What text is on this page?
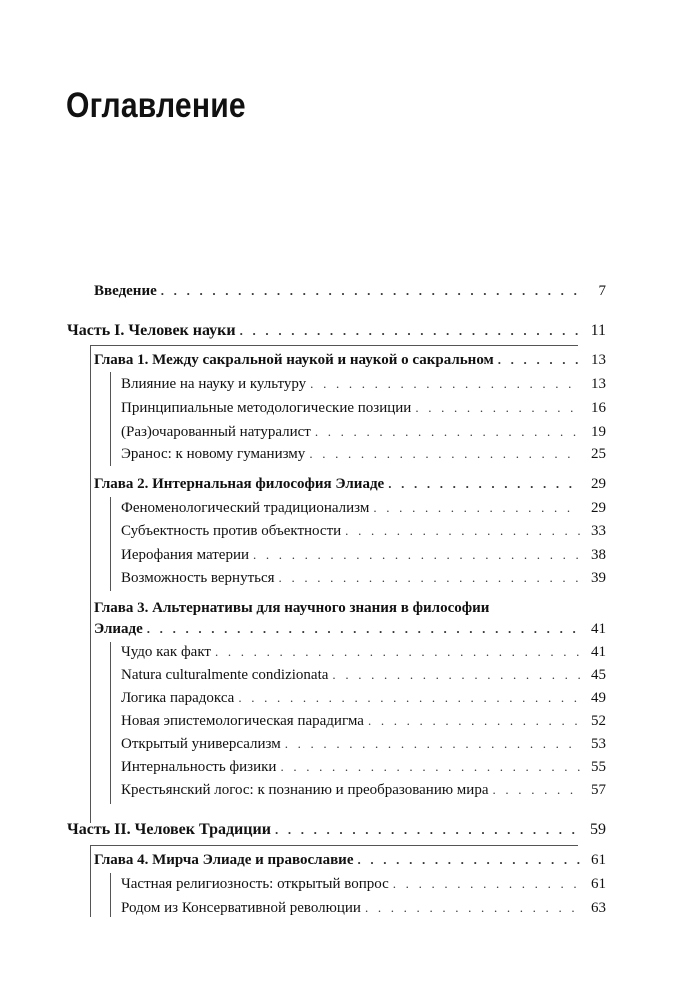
Оглавление
Введение . . .	7
Часть I. Человек науки . . .	11
Глава 1. Между сакральной наукой и наукой о сакральном . . .	13
Влияние на науку и культуру . . .	13
Принципиальные методологические позиции . . .	16
(Раз)очарованный натуралист . . .	19
Эранос: к новому гуманизму . . .	25
Глава 2. Интернальная философия Элиаде . . .	29
Феноменологический традиционализм . . .	29
Субъектность против объектности . . .	33
Иерофания материи . . .	38
Возможность вернуться . . .	39
Глава 3. Альтернативы для научного знания в философии
Элиаде . . .	41
Чудо как факт . . .	41
Natura culturalmente condizionata . . .	45
Логика парадокса . . .	49
Новая эпистемологическая парадигма . . .	52
Открытый универсализм . . .	53
Интернальность физики . . .	55
Крестьянский логос: к познанию и преобразованию мира . . .	57
Часть II. Человек Традиции . . .	59
Глава 4. Мирча Элиаде и православие . . .	61
Частная религиозность: открытый вопрос . . .	61
Родом из Консервативной революции . . .	63
